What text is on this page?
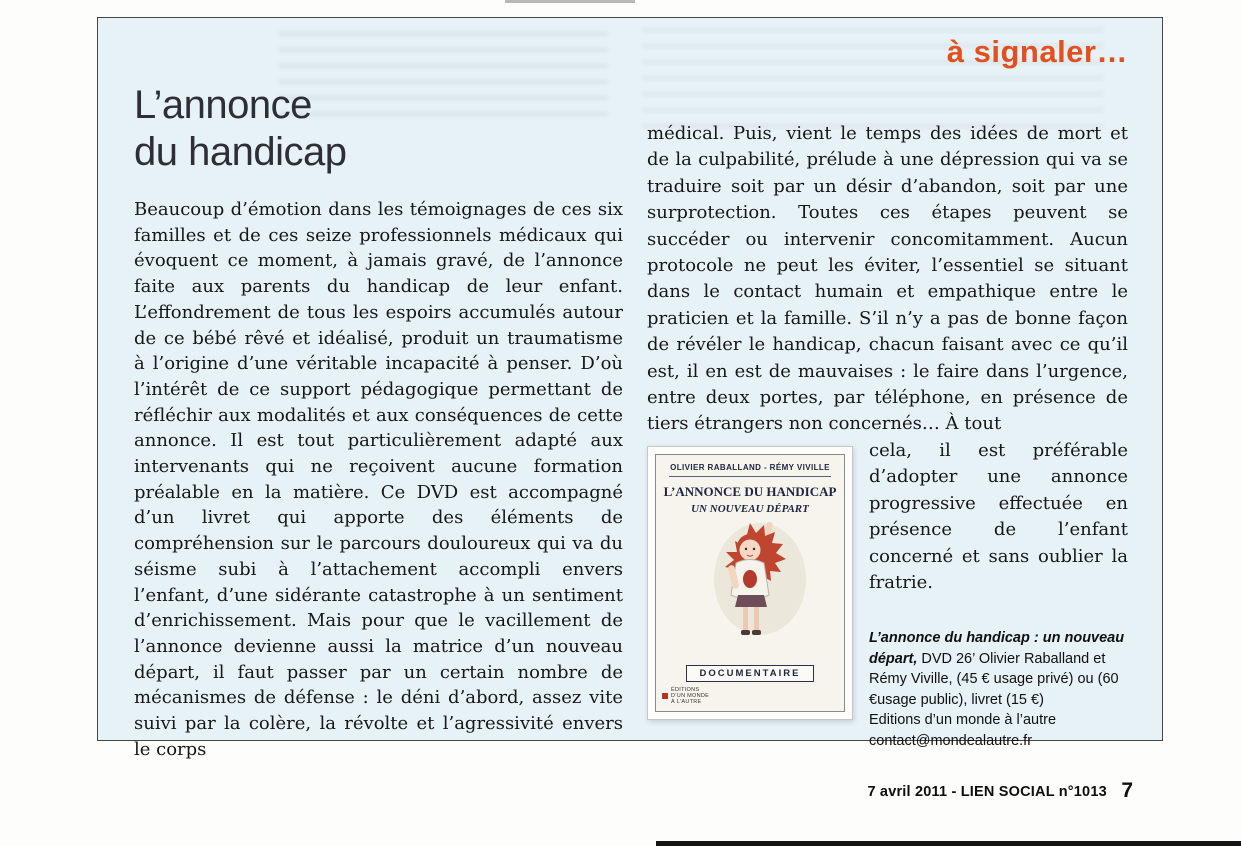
à signaler…
L’annonce
du handicap

Beaucoup d’émotion dans les témoignages de ces six familles et de ces seize professionnels médicaux qui évoquent ce moment, à jamais gravé, de l’annonce faite aux parents du handicap de leur enfant. L’effondrement de tous les espoirs accumulés autour de ce bébé rêvé et idéalisé, produit un traumatisme à l’origine d’une véritable incapacité à penser. D’où l’intérêt de ce support pédagogique permettant de réfléchir aux modalités et aux conséquences de cette annonce. Il est tout particulièrement adapté aux intervenants qui ne reçoivent aucune formation préalable en la matière. Ce DVD est accompagné d’un livret qui apporte des éléments de compréhension sur le parcours douloureux qui va du séisme subi à l’attachement accompli envers l’enfant, d’une sidérante catastrophe à un sentiment d’enrichissement. Mais pour que le vacillement de l’annonce devienne aussi la matrice d’un nouveau départ, il faut passer par un certain nombre de mécanismes de défense : le déni d’abord, assez vite suivi par la colère, la révolte et l’agressivité envers le corps

médical. Puis, vient le temps des idées de mort et de la culpabilité, prélude à une dépression qui va se traduire soit par un désir d’abandon, soit par une surprotection. Toutes ces étapes peuvent se succéder ou intervenir concomitamment. Aucun protocole ne peut les éviter, l’essentiel se situant dans le contact humain et empathique entre le praticien et la famille. S’il n’y a pas de bonne façon de révéler le handicap, chacun faisant avec ce qu’il est, il en est de mauvaises : le faire dans l’urgence, entre deux portes, par téléphone, en présence de tiers étrangers non concernés… À tout

OLIVIER RABALLAND - RÉMY VIVILLE
L’ANNONCE DU HANDICAP
UN NOUVEAU DÉPART
DOCUMENTAIRE
ÉDITIONS
D’UN MONDE
À L’AUTRE

cela, il est préférable d’adopter une annonce progressive effectuée en présence de l’enfant concerné et sans oublier la fratrie.

L’annonce du handicap : un nouveau départ, DVD 26’ Olivier Raballand et Rémy Viville, (45 € usage privé) ou (60 €usage public), livret (15 €)
Editions d’un monde à l’autre
contact@mondealautre.fr
7 avril 2011 - LIEN SOCIAL n°1013 7
